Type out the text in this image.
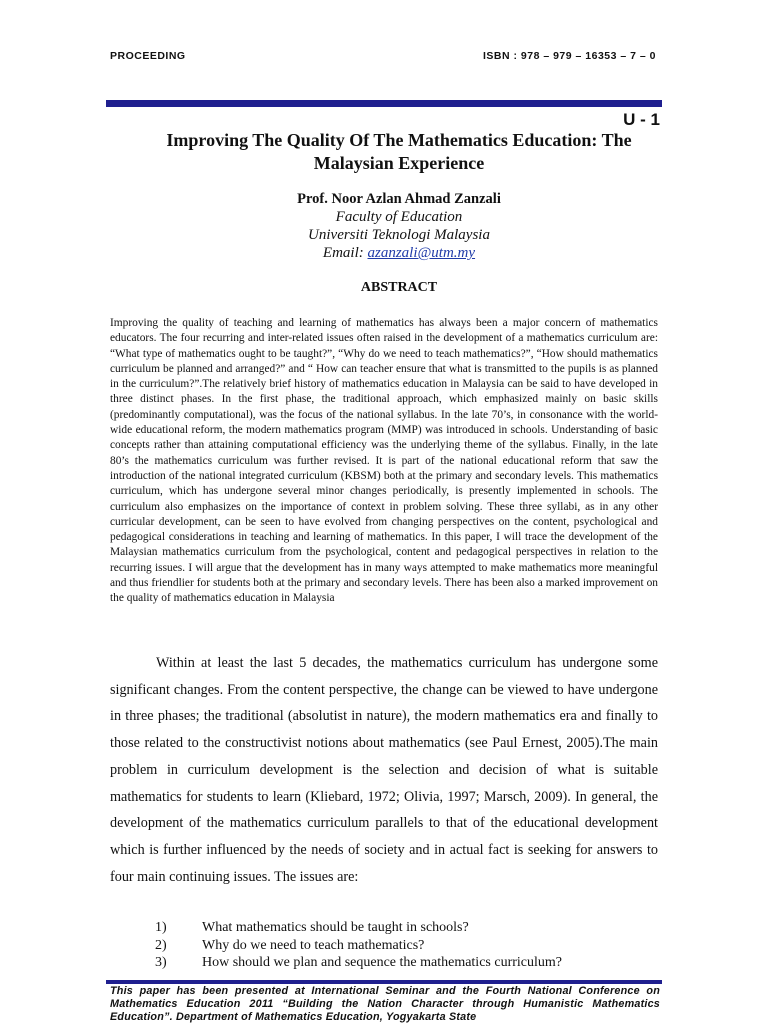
PROCEEDING	ISBN : 978 – 979 – 16353 – 7 – 0
U - 1
Improving The Quality Of The Mathematics Education: The
Malaysian Experience
Prof. Noor Azlan Ahmad Zanzali
Faculty of Education
Universiti Teknologi Malaysia
Email: azanzali@utm.my
ABSTRACT

Improving the quality of teaching and learning of mathematics has always been a major concern of mathematics educators. The four recurring and inter-related issues often raised in the development of a mathematics curriculum are: “What type of mathematics ought to be taught?”, “Why do we need to teach mathematics?”, “How should mathematics curriculum be planned and arranged?” and “ How can teacher ensure that what is transmitted to the pupils is as planned in the curriculum?”.The relatively brief history of mathematics education in Malaysia can be said to have developed in three distinct phases. In the first phase, the traditional approach, which emphasized mainly on basic skills (predominantly computational), was the focus of the national syllabus. In the late 70’s, in consonance with the world-wide educational reform, the modern mathematics program (MMP) was introduced in schools. Understanding of basic concepts rather than attaining computational efficiency was the underlying theme of the syllabus. Finally, in the late 80’s the mathematics curriculum was further revised. It is part of the national educational reform that saw the introduction of the national integrated curriculum (KBSM) both at the primary and secondary levels. This mathematics curriculum, which has undergone several minor changes periodically, is presently implemented in schools. The curriculum also emphasizes on the importance of context in problem solving. These three syllabi, as in any other curricular development, can be seen to have evolved from changing perspectives on the content, psychological and pedagogical considerations in teaching and learning of mathematics. In this paper, I will trace the development of the Malaysian mathematics curriculum from the psychological, content and pedagogical perspectives in relation to the recurring issues. I will argue that the development has in many ways attempted to make mathematics more meaningful and thus friendlier for students both at the primary and secondary levels. There has been also a marked improvement on the quality of mathematics education in Malaysia

Within at least the last 5 decades, the mathematics curriculum has undergone some significant changes. From the content perspective, the change can be viewed to have undergone in three phases; the traditional (absolutist in nature), the modern mathematics era and finally to those related to the constructivist notions about mathematics (see Paul Ernest, 2005).The main problem in curriculum development is the selection and decision of what is suitable mathematics for students to learn (Kliebard, 1972; Olivia, 1997; Marsch, 2009). In general, the development of the mathematics curriculum parallels to that of the educational development which is further influenced by the needs of society and in actual fact is seeking for answers to four main continuing issues. The issues are:

1)	What mathematics should be taught in schools?
2)	Why do we need to teach mathematics?
3)	How should we plan and sequence the mathematics curriculum?

This paper has been presented at International Seminar and the Fourth National Conference on Mathematics Education 2011 “Building the Nation Character through Humanistic Mathematics Education”. Department of Mathematics Education, Yogyakarta State
